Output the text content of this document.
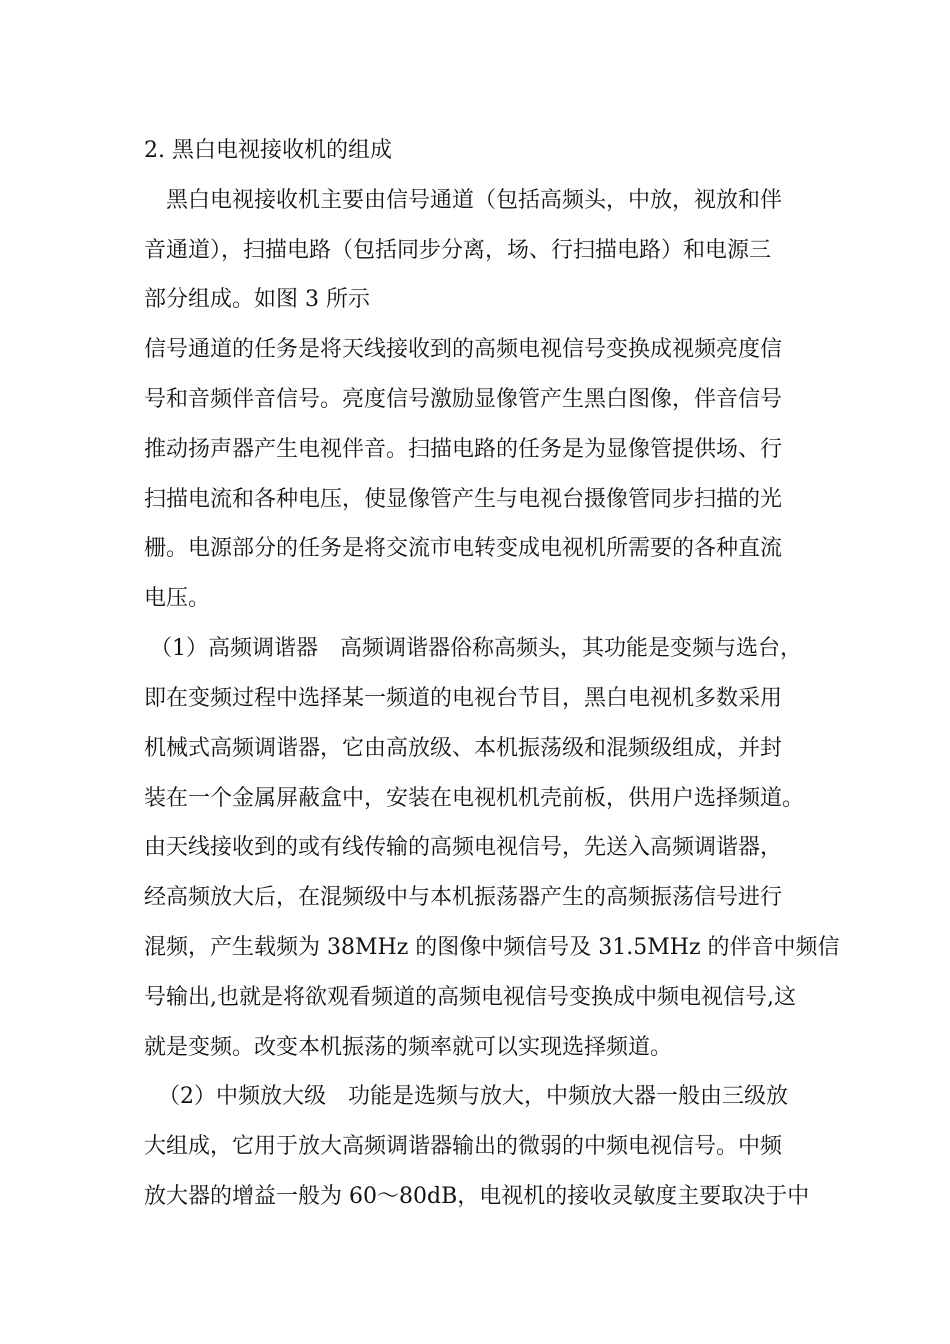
2. 黑白电视接收机的组成
黑白电视接收机主要由信号通道（包括高频头，中放，视放和伴
音通道），扫描电路（包括同步分离，场、行扫描电路）和电源三
部分组成。如图 3 所示
信号通道的任务是将天线接收到的高频电视信号变换成视频亮度信
号和音频伴音信号。亮度信号激励显像管产生黑白图像，伴音信号
推动扬声器产生电视伴音。扫描电路的任务是为显像管提供场、行
扫描电流和各种电压，使显像管产生与电视台摄像管同步扫描的光
栅。电源部分的任务是将交流市电转变成电视机所需要的各种直流
电压。
（1）高频调谐器　高频调谐器俗称高频头，其功能是变频与选台，
即在变频过程中选择某一频道的电视台节目，黑白电视机多数采用
机械式高频调谐器，它由高放级、本机振荡级和混频级组成，并封
装在一个金属屏蔽盒中，安装在电视机机壳前板，供用户选择频道。
由天线接收到的或有线传输的高频电视信号，先送入高频调谐器，
经高频放大后，在混频级中与本机振荡器产生的高频振荡信号进行
混频，产生载频为 38MHz 的图像中频信号及 31.5MHz 的伴音中频信
号输出,也就是将欲观看频道的高频电视信号变换成中频电视信号,这
就是变频。改变本机振荡的频率就可以实现选择频道。
（2）中频放大级　功能是选频与放大，中频放大器一般由三级放
大组成，它用于放大高频调谐器输出的微弱的中频电视信号。中频
放大器的增益一般为 60～80dB，电视机的接收灵敏度主要取决于中
